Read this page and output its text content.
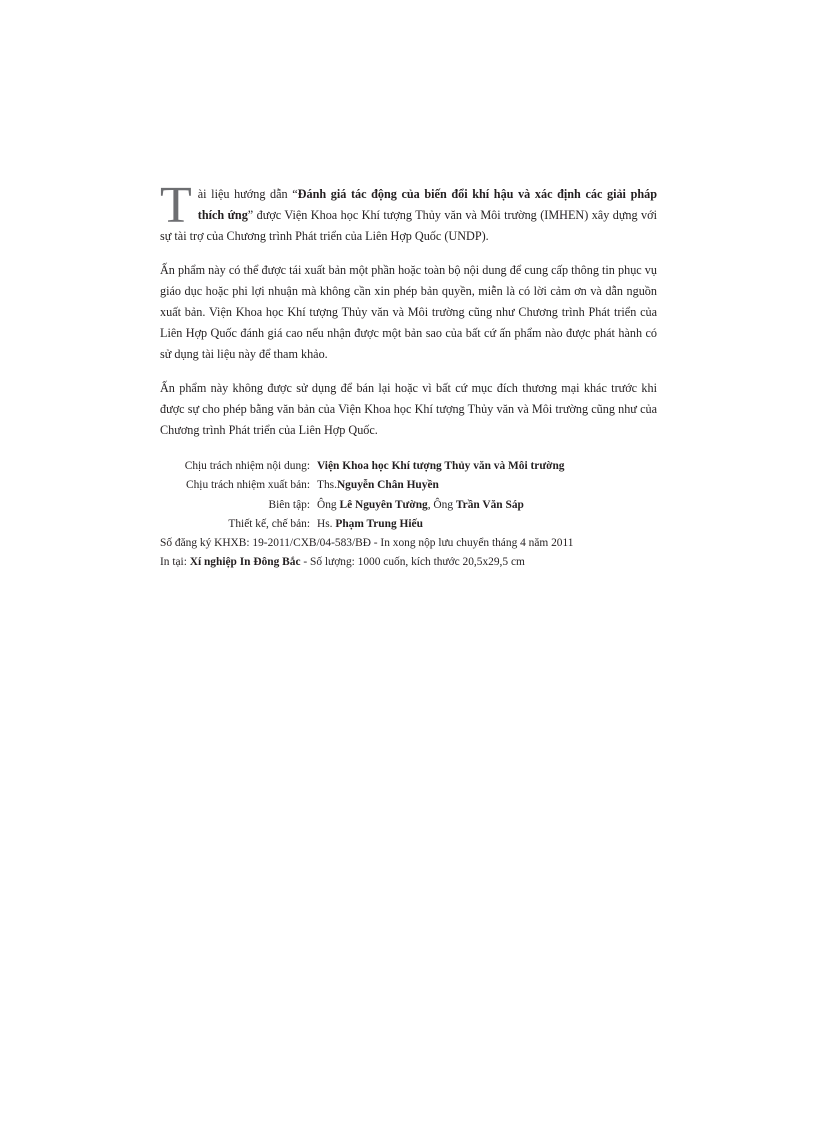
Tài liệu hướng dẫn “Đánh giá tác động của biến đổi khí hậu và xác định các giải pháp thích ứng” được Viện Khoa học Khí tượng Thủy văn và Môi trường (IMHEN) xây dựng với sự tài trợ của Chương trình Phát triển của Liên Hợp Quốc (UNDP).

Ấn phẩm này có thể được tái xuất bản một phần hoặc toàn bộ nội dung để cung cấp thông tin phục vụ giáo dục hoặc phi lợi nhuận mà không cần xin phép bản quyền, miễn là có lời cảm ơn và dẫn nguồn xuất bản. Viện Khoa học Khí tượng Thủy văn và Môi trường cũng như Chương trình Phát triển của Liên Hợp Quốc đánh giá cao nếu nhận được một bản sao của bất cứ ấn phẩm nào được phát hành có sử dụng tài liệu này để tham khảo.

Ấn phẩm này không được sử dụng để bán lại hoặc vì bất cứ mục đích thương mại khác trước khi được sự cho phép bằng văn bản của Viện Khoa học Khí tượng Thủy văn và Môi trường cũng như của Chương trình Phát triển của Liên Hợp Quốc.

Chịu trách nhiệm nội dung: Viện Khoa học Khí tượng Thủy văn và Môi trường
Chịu trách nhiệm xuất bản: Ths.Nguyễn Chân Huyền
Biên tập: Ông Lê Nguyên Tường, Ông Trần Văn Sáp
Thiết kế, chế bản: Hs. Phạm Trung Hiếu
Số đăng ký KHXB: 19-2011/CXB/04-583/BĐ - In xong nộp lưu chuyển tháng 4 năm 2011
In tại: Xí nghiệp In Đông Bắc - Số lượng: 1000 cuốn, kích thước 20,5x29,5 cm
